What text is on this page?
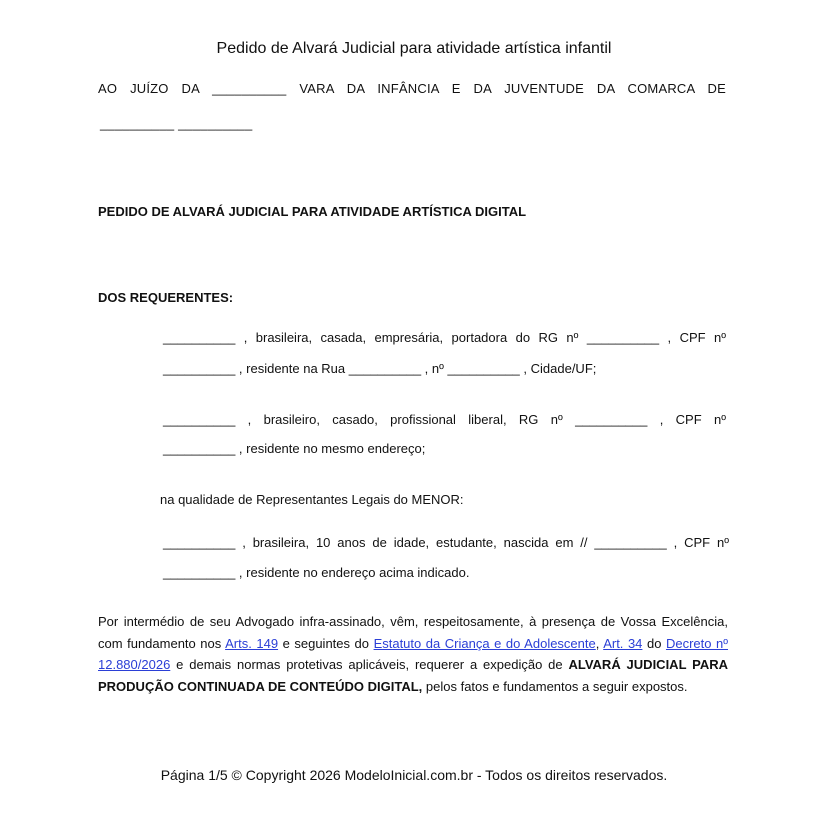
Pedido de Alvará Judicial para atividade artística infantil
AO JUÍZO DA __________ VARA DA INFÂNCIA E DA JUVENTUDE DA COMARCA DE
__________ __________
PEDIDO DE ALVARÁ JUDICIAL PARA ATIVIDADE ARTÍSTICA DIGITAL
DOS REQUERENTES:
__________ , brasileira, casada, empresária, portadora do RG nº __________ , CPF nº
__________ , residente na Rua __________ , nº __________ , Cidade/UF;
__________ , brasileiro, casado, profissional liberal, RG nº __________ , CPF nº
__________ , residente no mesmo endereço;
na qualidade de Representantes Legais do MENOR:
__________ , brasileira, 10 anos de idade, estudante, nascida em // __________ , CPF nº
__________ , residente no endereço acima indicado.
Por intermédio de seu Advogado infra-assinado, vêm, respeitosamente, à presença de Vossa Excelência, com fundamento nos Arts. 149 e seguintes do Estatuto da Criança e do Adolescente, Art. 34 do Decreto nº 12.880/2026 e demais normas protetivas aplicáveis, requerer a expedição de ALVARÁ JUDICIAL PARA PRODUÇÃO CONTINUADA DE CONTEÚDO DIGITAL, pelos fatos e fundamentos a seguir expostos.
Página 1/5 © Copyright 2026 ModeloInicial.com.br - Todos os direitos reservados.
